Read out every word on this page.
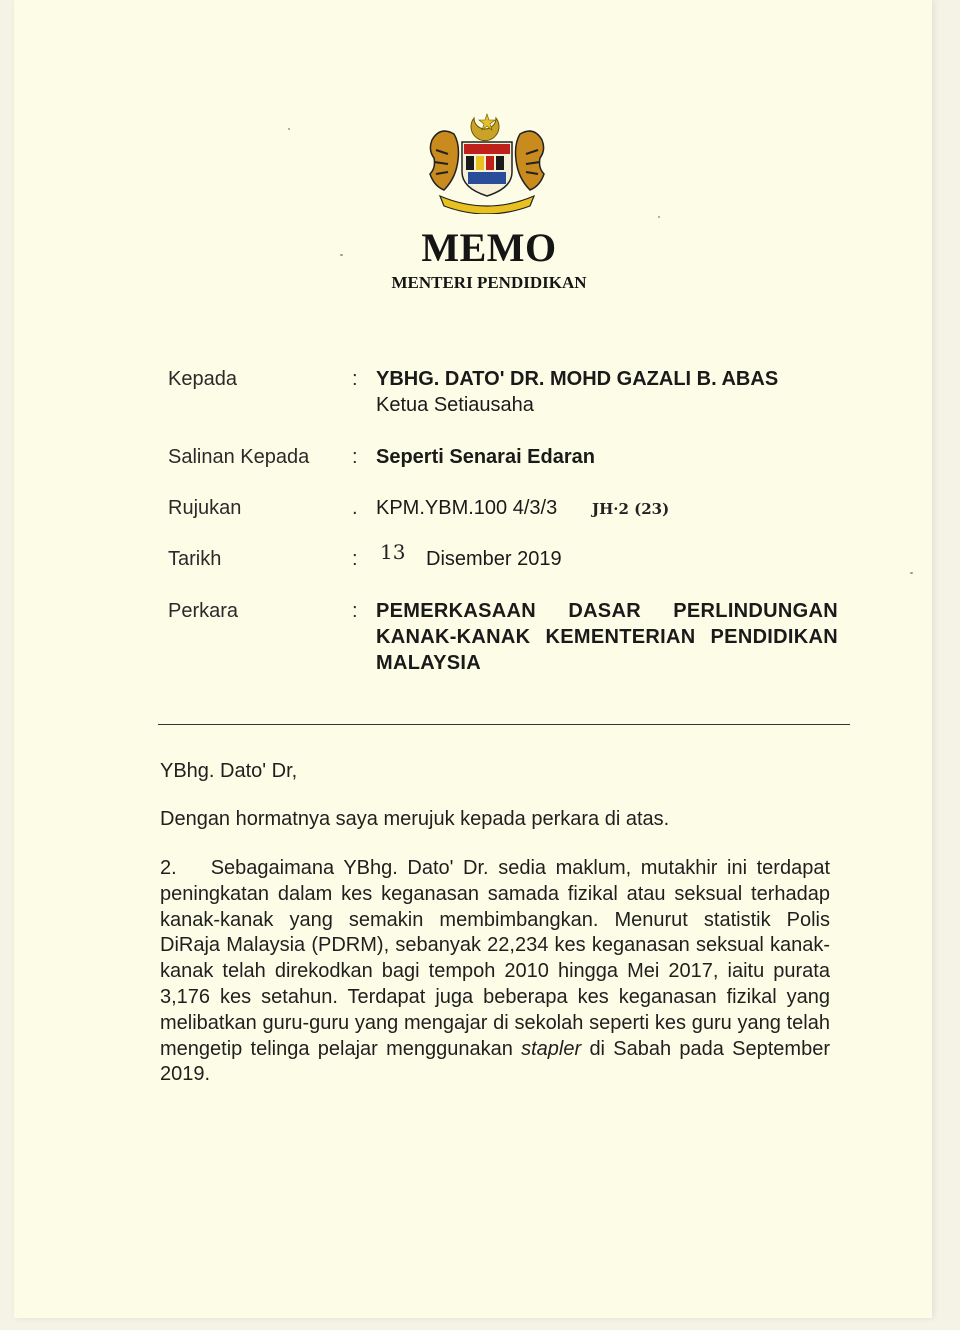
MEMO
MENTERI PENDIDIKAN
Kepada	: YBHG. DATO' DR. MOHD GAZALI B. ABAS
Ketua Setiausaha
Salinan Kepada : Seperti Senarai Edaran
Rujukan	. KPM.YBM.100 4/3/3 JH·2 (23)
Tarikh	: 13 Disember 2019
Perkara	: PEMERKASAAN DASAR PERLINDUNGAN KANAK-KANAK KEMENTERIAN PENDIDIKAN MALAYSIA
YBhg. Dato' Dr,
Dengan hormatnya saya merujuk kepada perkara di atas.
2. Sebagaimana YBhg. Dato' Dr. sedia maklum, mutakhir ini terdapat peningkatan dalam kes keganasan samada fizikal atau seksual terhadap kanak-kanak yang semakin membimbangkan. Menurut statistik Polis DiRaja Malaysia (PDRM), sebanyak 22,234 kes keganasan seksual kanak-kanak telah direkodkan bagi tempoh 2010 hingga Mei 2017, iaitu purata 3,176 kes setahun. Terdapat juga beberapa kes keganasan fizikal yang melibatkan guru-guru yang mengajar di sekolah seperti kes guru yang telah mengetip telinga pelajar menggunakan stapler di Sabah pada September 2019.
